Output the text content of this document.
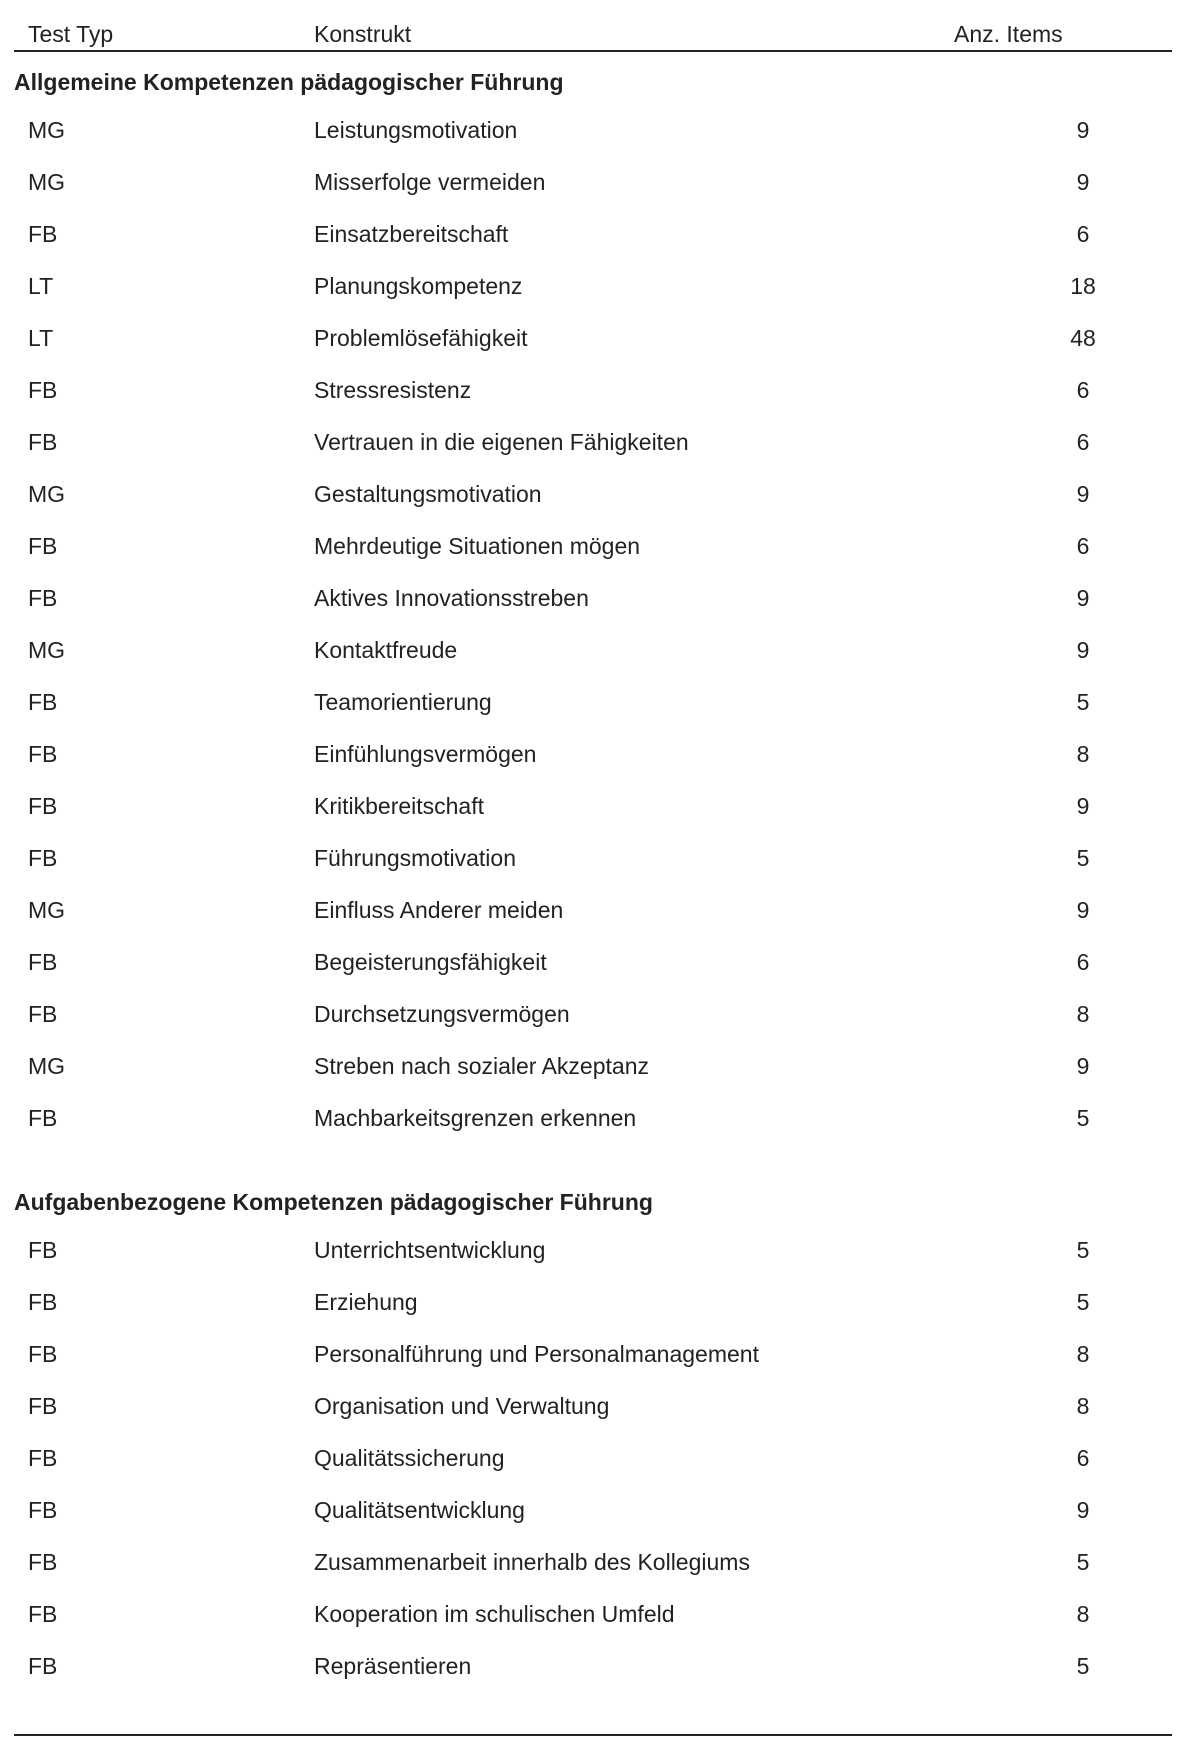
Test Typ	Konstrukt	Anz. Items
Allgemeine Kompetenzen pädagogischer Führung
MG	Leistungsmotivation	9
MG	Misserfolge vermeiden	9
FB	Einsatzbereitschaft	6
LT	Planungskompetenz	18
LT	Problemlösefähigkeit	48
FB	Stressresistenz	6
FB	Vertrauen in die eigenen Fähigkeiten	6
MG	Gestaltungsmotivation	9
FB	Mehrdeutige Situationen mögen	6
FB	Aktives Innovationsstreben	9
MG	Kontaktfreude	9
FB	Teamorientierung	5
FB	Einfühlungsvermögen	8
FB	Kritikbereitschaft	9
FB	Führungsmotivation	5
MG	Einfluss Anderer meiden	9
FB	Begeisterungsfähigkeit	6
FB	Durchsetzungsvermögen	8
MG	Streben nach sozialer Akzeptanz	9
FB	Machbarkeitsgrenzen erkennen	5
Aufgabenbezogene Kompetenzen pädagogischer Führung
FB	Unterrichtsentwicklung	5
FB	Erziehung	5
FB	Personalführung und Personalmanagement	8
FB	Organisation und Verwaltung	8
FB	Qualitätssicherung	6
FB	Qualitätsentwicklung	9
FB	Zusammenarbeit innerhalb des Kollegiums	5
FB	Kooperation im schulischen Umfeld	8
FB	Repräsentieren	5
